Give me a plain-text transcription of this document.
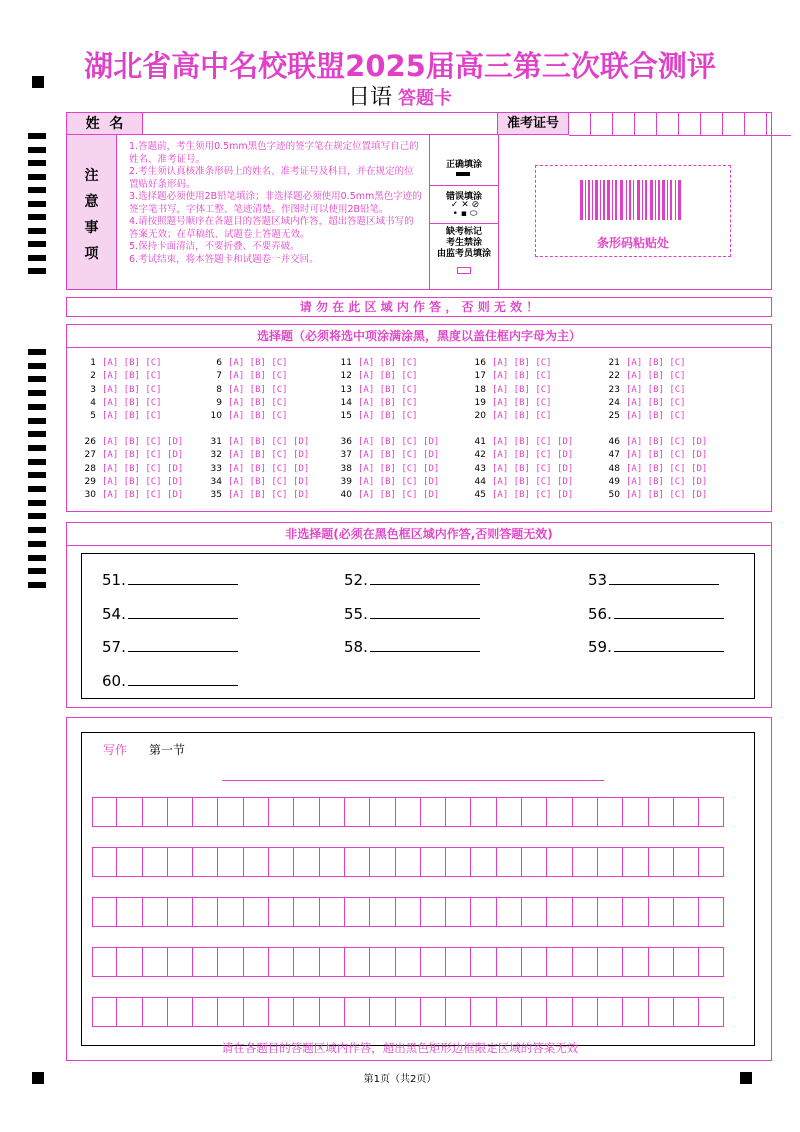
湖北省高中名校联盟2025届高三第三次联合测评
日语 答题卡
姓  名	准考证号
注
意
事
项
1.答题前，考生须用0.5mm黑色字迹的签字笔在规定位置填写自己的姓名、准考证号。
2.考生须认真核准条形码上的姓名、准考证号及科目，并在规定的位置贴好条形码。
3.选择题必须使用2B铅笔填涂；非选择题必须使用0.5mm黑色字迹的签字笔书写，字体工整、笔迹清楚。作图时可以使用2B铅笔。
4.请按照题号顺序在各题目的答题区域内作答，超出答题区域书写的答案无效；在草稿纸、试题卷上答题无效。
5.保持卡面清洁，不要折叠、不要弄破。
6.考试结束，将本答题卡和试题卷一并交回。
正确填涂
错误填涂
✓ ✕ ⊘
• ▪ ⬭
缺考标记
考生禁涂
由监考员填涂
条形码粘贴处
请 勿 在 此 区 域 内 作 答 ， 否 则 无 效 ！
选择题（必须将选中项涂满涂黑，黑度以盖住框内字母为主）
1 [A] [B] [C]
2 [A] [B] [C]
3 [A] [B] [C]
4 [A] [B] [C]
5 [A] [B] [C]
6 [A] [B] [C]
7 [A] [B] [C]
8 [A] [B] [C]
9 [A] [B] [C]
10 [A] [B] [C]
11 [A] [B] [C]
12 [A] [B] [C]
13 [A] [B] [C]
14 [A] [B] [C]
15 [A] [B] [C]
16 [A] [B] [C]
17 [A] [B] [C]
18 [A] [B] [C]
19 [A] [B] [C]
20 [A] [B] [C]
21 [A] [B] [C]
22 [A] [B] [C]
23 [A] [B] [C]
24 [A] [B] [C]
25 [A] [B] [C]
26 [A] [B] [C] [D]
27 [A] [B] [C] [D]
28 [A] [B] [C] [D]
29 [A] [B] [C] [D]
30 [A] [B] [C] [D]
31 [A] [B] [C] [D]
32 [A] [B] [C] [D]
33 [A] [B] [C] [D]
34 [A] [B] [C] [D]
35 [A] [B] [C] [D]
36 [A] [B] [C] [D]
37 [A] [B] [C] [D]
38 [A] [B] [C] [D]
39 [A] [B] [C] [D]
40 [A] [B] [C] [D]
41 [A] [B] [C] [D]
42 [A] [B] [C] [D]
43 [A] [B] [C] [D]
44 [A] [B] [C] [D]
45 [A] [B] [C] [D]
46 [A] [B] [C] [D]
47 [A] [B] [C] [D]
48 [A] [B] [C] [D]
49 [A] [B] [C] [D]
50 [A] [B] [C] [D]
非选择题(必须在黑色框区域内作答,否则答题无效)
51.	52.	53
54.	55.	56.
57.	58.	59.
60.
写作 第一节
请在各题目的答题区域内作答，超出黑色矩形边框限定区域的答案无效
第1页（共2页）
